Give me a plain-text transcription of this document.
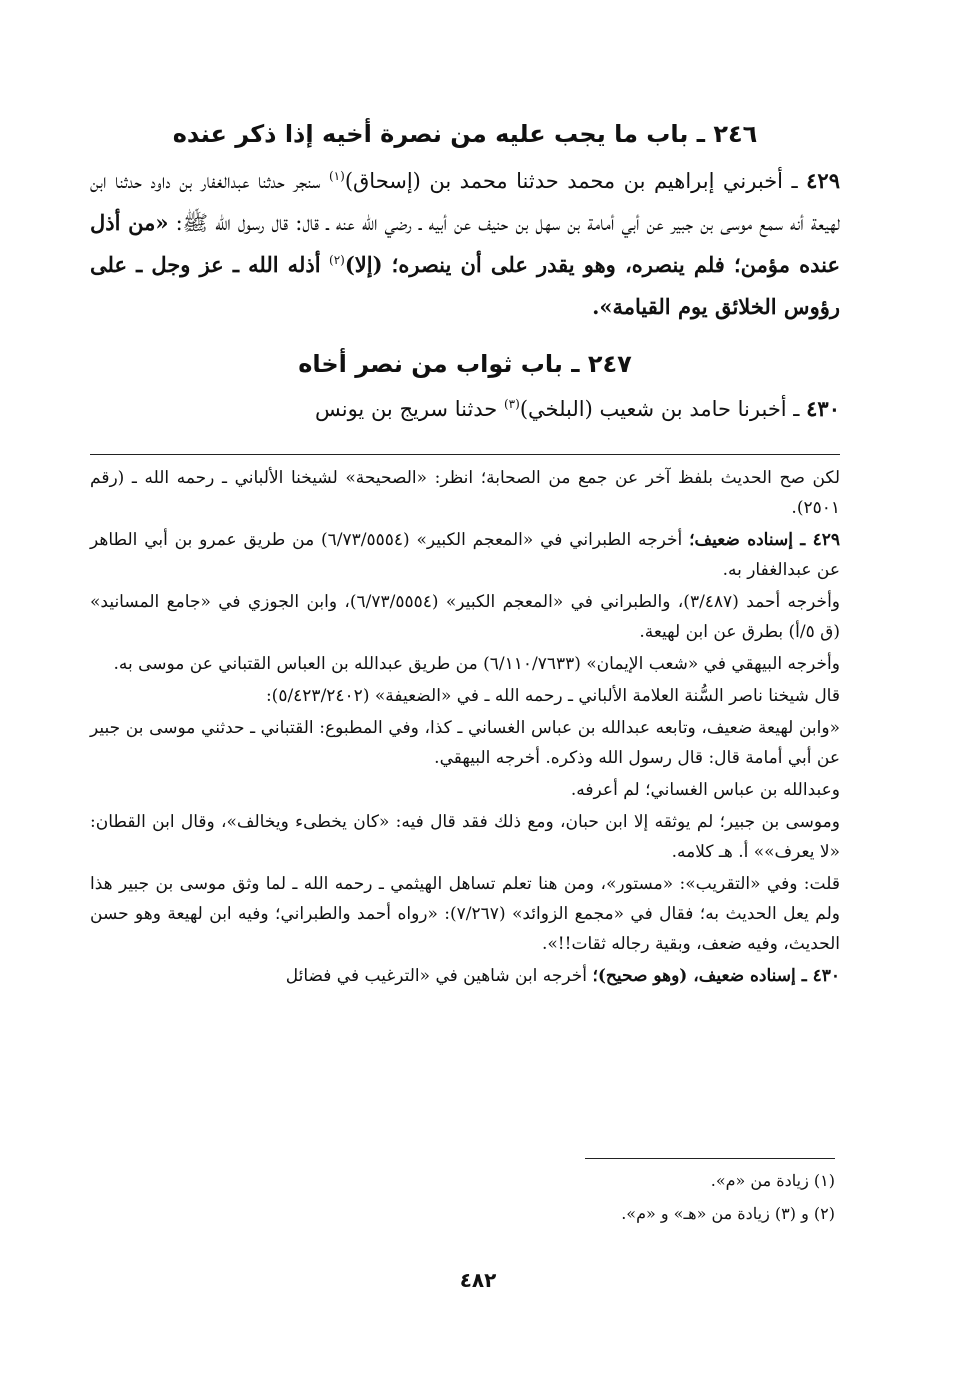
٢٤٦ ـ باب ما يجب عليه من نصرة أخيه إذا ذكر عنده

٤٢٩ ـ أخبرني إبراهيم بن محمد حدثنا محمد بن (إسحاق)$^{(١)}$ سنجر حدثنا عبدالغفار بن داود حدثنا ابن لهيعة أنه سمع موسى بن جبير عن أبي أمامة بن سهل بن حنيف عن أبيه ـ رضي الله عنه ـ قال: قال رسول الله ﷺ: «من أذل عنده مؤمن؛ فلم ينصره، وهو يقدر على أن ينصره؛ (إلا)$^{(٢)}$ أذله الله ـ عز وجل ـ على رؤوس الخلائق يوم القيامة».

٢٤٧ ـ باب ثواب من نصر أخاه

٤٣٠ ـ أخبرنا حامد بن شعيب (البلخي)$^{(٣)}$ حدثنا سريج بن يونس

لكن صح الحديث بلفظ آخر عن جمع من الصحابة؛ انظر: «الصحيحة» لشيخنا الألباني ـ رحمه الله ـ (رقم ٢٥٠١).

٤٢٩ ـ إسناده ضعيف؛ أخرجه الطبراني في «المعجم الكبير» (٦/٧٣/٥٥٥٤) من طريق عمرو بن أبي الطاهر عن عبدالغفار به.

وأخرجه أحمد (٣/٤٨٧)، والطبراني في «المعجم الكبير» (٦/٧٣/٥٥٥٤)، وابن الجوزي في «جامع المسانيد» (ق ٥/أ) بطرق عن ابن لهيعة.

وأخرجه البيهقي في «شعب الإيمان» (٦/١١٠/٧٦٣٣) من طريق عبدالله بن العباس القتباني عن موسى به.

قال شيخنا ناصر السُّنة العلامة الألباني ـ رحمه الله ـ في «الضعيفة» (٥/٤٢٣/٢٤٠٢):

«وابن لهيعة ضعيف، وتابعه عبدالله بن عباس الغساني ـ كذا، وفي المطبوع: القتباني ـ حدثني موسى بن جبير عن أبي أمامة قال: قال رسول الله وذكره. أخرجه البيهقي.

وعبدالله بن عباس الغساني؛ لم أعرفه.

وموسى بن جبير؛ لم يوثقه إلا ابن حبان، ومع ذلك فقد قال فيه: «كان يخطىء ويخالف»، وقال ابن القطان: «لا يعرف»» أ. هـ كلامه.

قلت: وفي «التقريب»: «مستور»، ومن هنا تعلم تساهل الهيثمي ـ رحمه الله ـ لما وثق موسى بن جبير هذا ولم يعل الحديث به؛ فقال في «مجمع الزوائد» (٧/٢٦٧): «رواه أحمد والطبراني؛ وفيه ابن لهيعة وهو حسن الحديث، وفيه ضعف، وبقية رجاله ثقات!!».

٤٣٠ ـ إسناده ضعيف، (وهو صحيح)؛ أخرجه ابن شاهين في «الترغيب في فضائل

(١) زيادة من «م».

(٢) و (٣) زيادة من «هـ» و «م».

٤٨٢
